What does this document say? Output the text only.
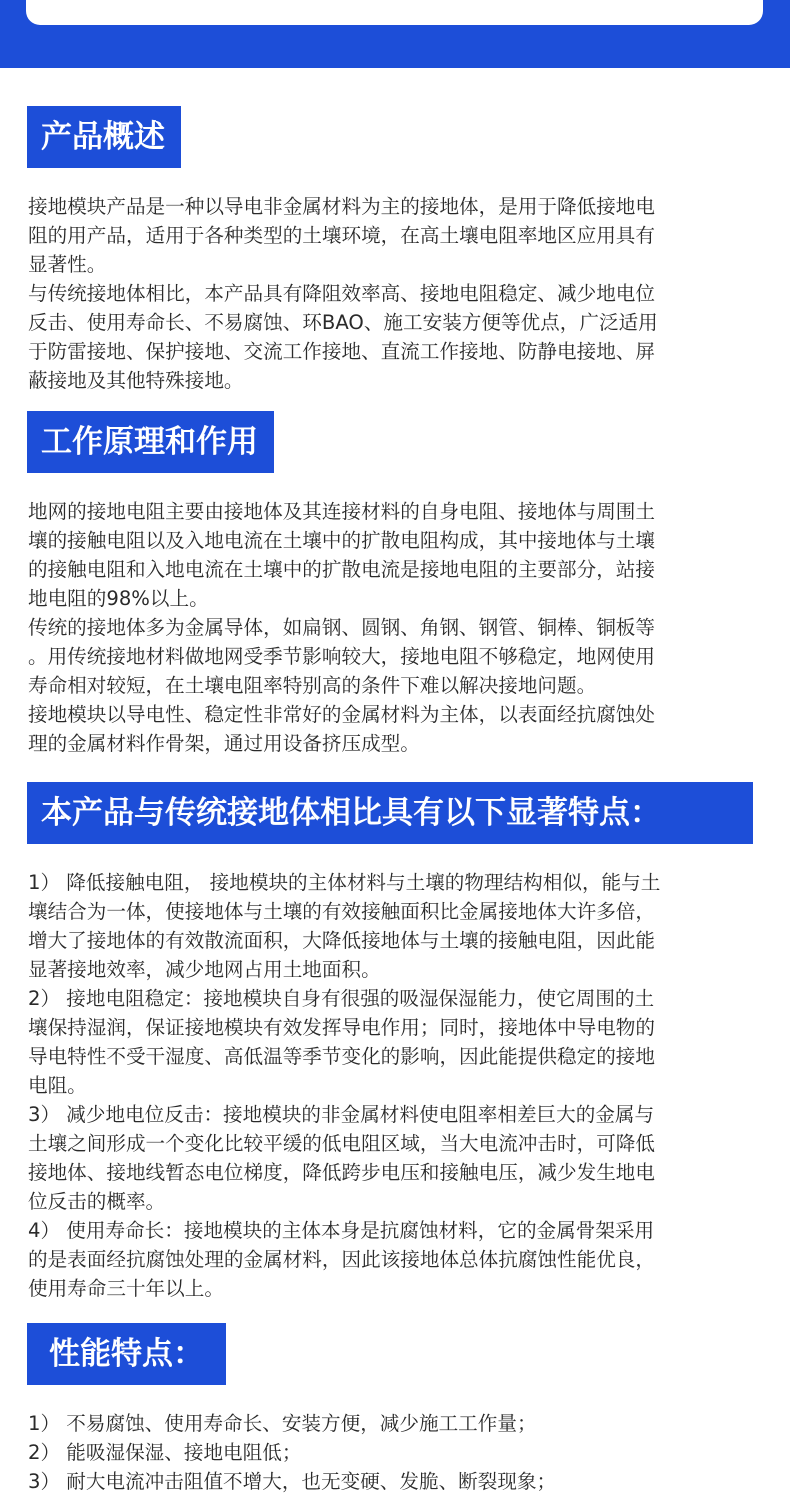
产品概述

接地模块产品是一种以导电非金属材料为主的接地体，是用于降低接地电

阻的用产品，适用于各种类型的土壤环境，在高土壤电阻率地区应用具有

显著性。

与传统接地体相比，本产品具有降阻效率高、接地电阻稳定、减少地电位

反击、使用寿命长、不易腐蚀、环BAO、施工安装方便等优点，广泛适用

于防雷接地、保护接地、交流工作接地、直流工作接地、防静电接地、屏

蔽接地及其他特殊接地。

工作原理和作用

地网的接地电阻主要由接地体及其连接材料的自身电阻、接地体与周围土

壤的接触电阻以及入地电流在土壤中的扩散电阻构成，其中接地体与土壤

的接触电阻和入地电流在土壤中的扩散电流是接地电阻的主要部分，站接

地电阻的98%以上。

传统的接地体多为金属导体，如扁钢、圆钢、角钢、钢管、铜棒、铜板等

。用传统接地材料做地网受季节影响较大，接地电阻不够稳定，地网使用

寿命相对较短，在土壤电阻率特别高的条件下难以解决接地问题。

接地模块以导电性、稳定性非常好的金属材料为主体，以表面经抗腐蚀处

理的金属材料作骨架，通过用设备挤压成型。

本产品与传统接地体相比具有以下显著特点：

1） 降低接触电阻， 接地模块的主体材料与土壤的物理结构相似，能与土

壤结合为一体，使接地体与土壤的有效接触面积比金属接地体大许多倍，

增大了接地体的有效散流面积，大降低接地体与土壤的接触电阻，因此能

显著接地效率，减少地网占用土地面积。

2） 接地电阻稳定：接地模块自身有很强的吸湿保湿能力，使它周围的土

壤保持湿润，保证接地模块有效发挥导电作用；同时，接地体中导电物的

导电特性不受干湿度、高低温等季节变化的影响，因此能提供稳定的接地

电阻。

3） 减少地电位反击：接地模块的非金属材料使电阻率相差巨大的金属与

土壤之间形成一个变化比较平缓的低电阻区域，当大电流冲击时，可降低

接地体、接地线暂态电位梯度，降低跨步电压和接触电压，减少发生地电

位反击的概率。

4） 使用寿命长：接地模块的主体本身是抗腐蚀材料，它的金属骨架采用

的是表面经抗腐蚀处理的金属材料，因此该接地体总体抗腐蚀性能优良，

使用寿命三十年以上。

性能特点：

1） 不易腐蚀、使用寿命长、安装方便，减少施工工作量；

2） 能吸湿保湿、接地电阻低；

3） 耐大电流冲击阻值不增大，也无变硬、发脆、断裂现象；
